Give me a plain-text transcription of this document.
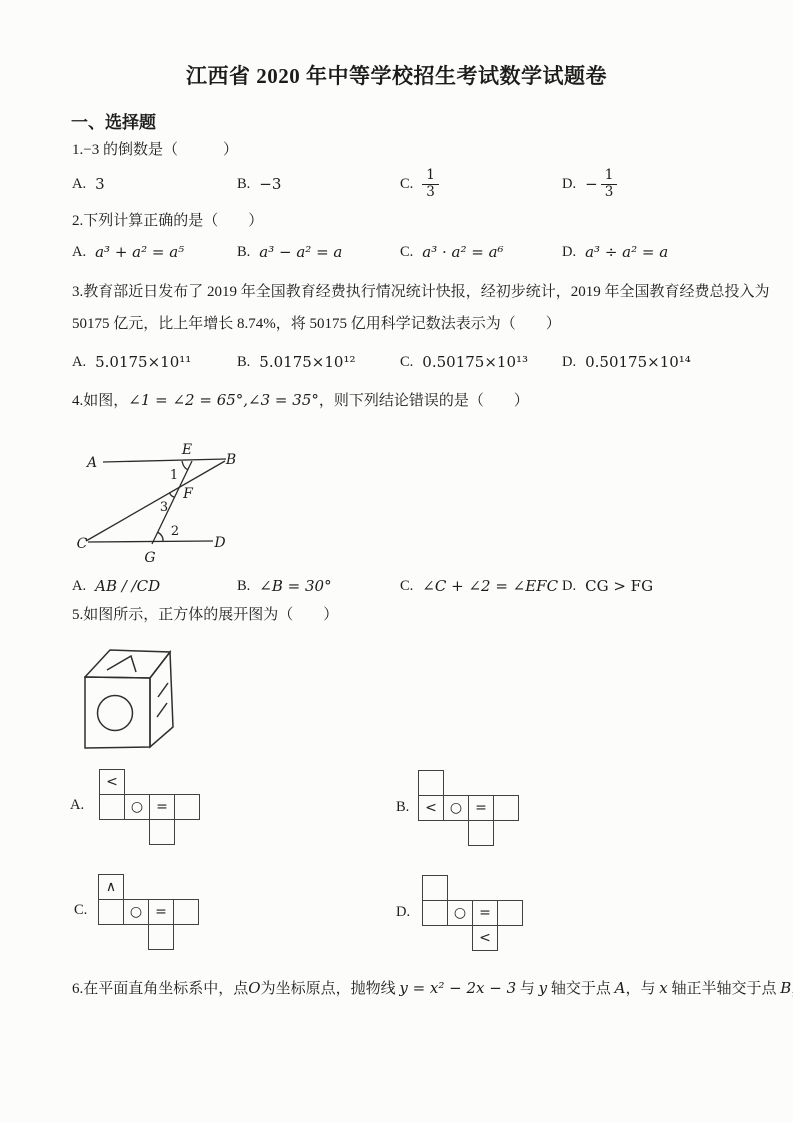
江西省 2020 年中等学校招生考试数学试题卷
一、选择题

1.−3 的倒数是（　　　）

A. 3	B. −3	C. $\frac{1}{3}$	D. − $\frac{1}{3}$

2.下列计算正确的是（　　）

A. a³ + a² = a⁵	B. a³ − a² = a	C. a³ · a² = a⁶	D. a³ ÷ a² = a

3.教育部近日发布了 2019 年全国教育经费执行情况统计快报，经初步统计，2019 年全国教育经费总投入为

50175 亿元，比上年增长 8.74%，将 50175 亿用科学记数法表示为（　　）

A. 5.0175×10¹¹	B. 5.0175×10¹²	C. 0.50175×10¹³ D. 0.50175×10¹⁴

4.如图，∠1 = ∠2 = 65°,∠3 = 35°，则下列结论错误的是（　　）

A
E
B
F
C
G
D
1
3
2
A. AB / /CD	B. ∠B = 30°	C. ∠C + ∠2 = ∠EFC D. CG > FG

5.如图所示，正方体的展开图为（　　）

A.
<
○ =	B. < ○ =
C.
∧
○ =	D.	○ =
<

6.在平面直角坐标系中，点O为坐标原点，抛物线 y = x² − 2x − 3 与 y 轴交于点 A，与 x 轴正半轴交于点 B
